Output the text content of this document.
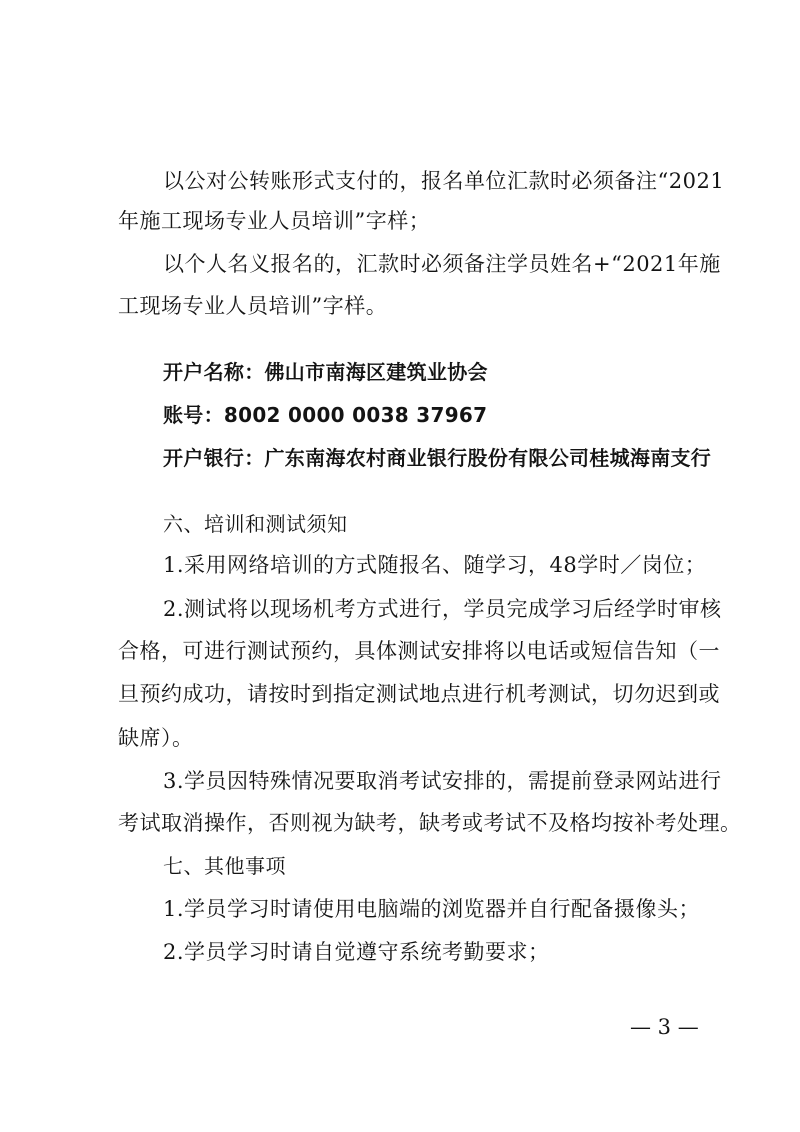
以公对公转账形式支付的，报名单位汇款时必须备注“2021
年施工现场专业人员培训”字样；
以个人名义报名的，汇款时必须备注学员姓名+“2021年施
工现场专业人员培训”字样。
开户名称：佛山市南海区建筑业协会
账号：8002 0000 0038 37967
开户银行：广东南海农村商业银行股份有限公司桂城海南支行
六、培训和测试须知
1.采用网络培训的方式随报名、随学习，48学时／岗位；
2.测试将以现场机考方式进行，学员完成学习后经学时审核
合格，可进行测试预约，具体测试安排将以电话或短信告知（一
旦预约成功，请按时到指定测试地点进行机考测试，切勿迟到或
缺席）。
3.学员因特殊情况要取消考试安排的，需提前登录网站进行
考试取消操作，否则视为缺考，缺考或考试不及格均按补考处理。
七、其他事项
1.学员学习时请使用电脑端的浏览器并自行配备摄像头；
2.学员学习时请自觉遵守系统考勤要求；
— 3 —
